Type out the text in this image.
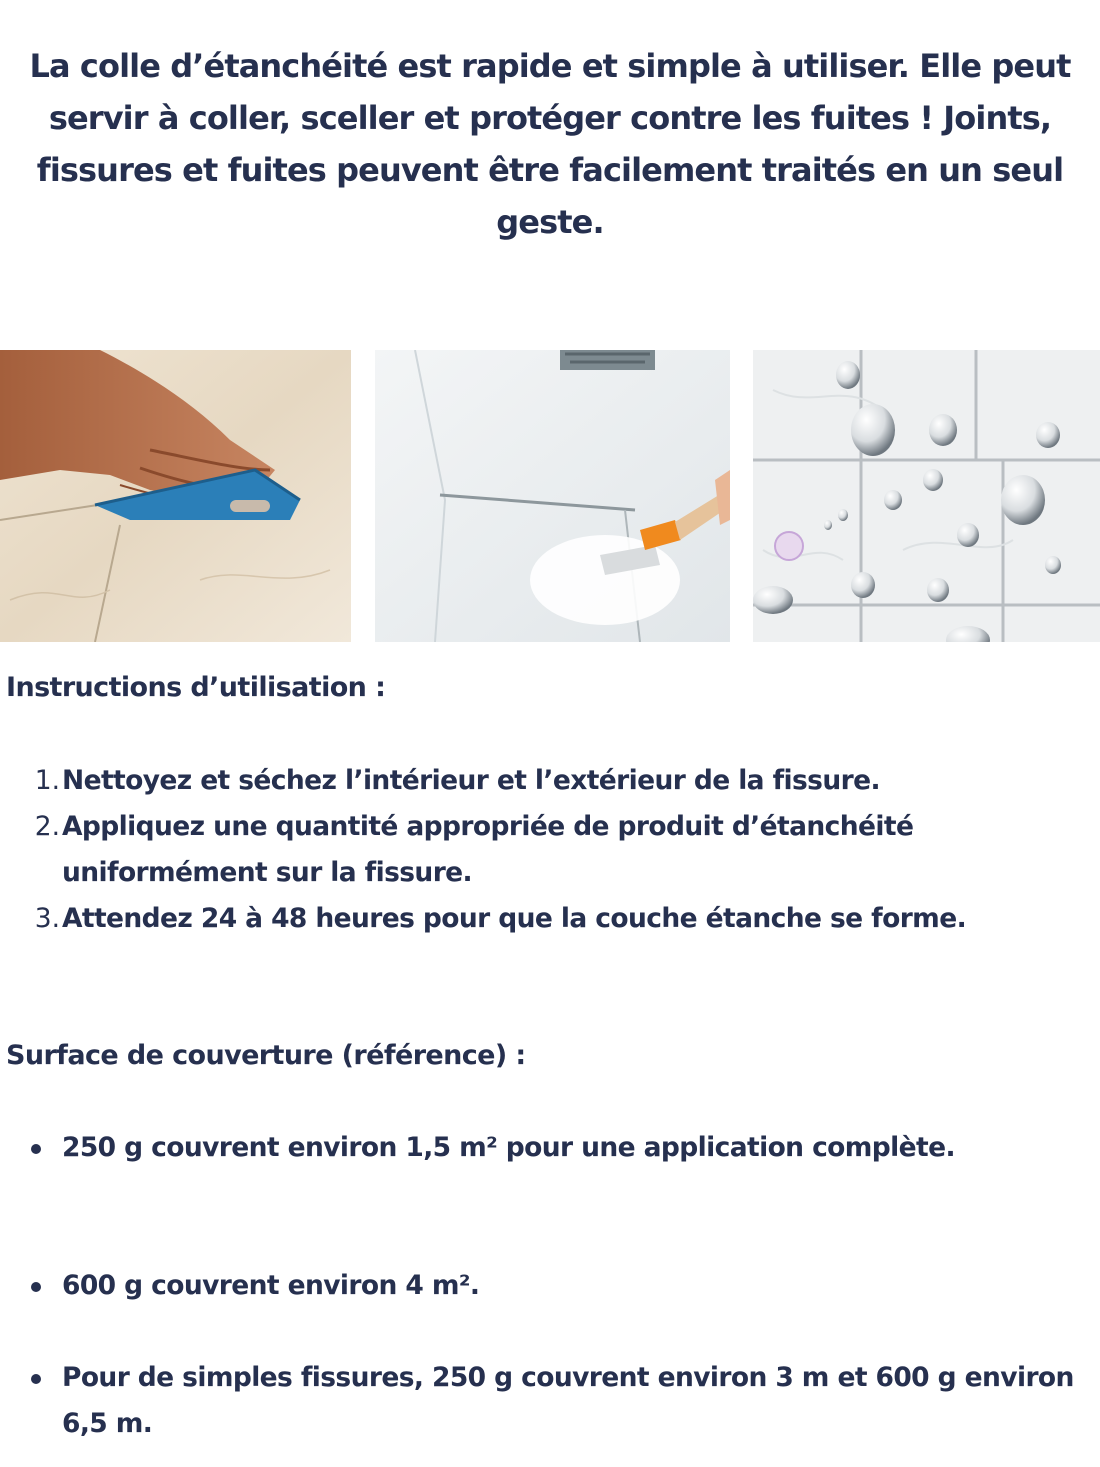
La colle d’étanchéité est rapide et simple à utiliser. Elle peut servir à coller, sceller et protéger contre les fuites ! Joints, fissures et fuites peuvent être facilement traités en un seul geste.

Instructions d’utilisation :
1. Nettoyez et séchez l’intérieur et l’extérieur de la fissure.
2. Appliquez une quantité appropriée de produit d’étanchéité uniformément sur la fissure.
3. Attendez 24 à 48 heures pour que la couche étanche se forme.
Surface de couverture (référence) :
250 g couvrent environ 1,5 m² pour une application complète.
600 g couvrent environ 4 m².
Pour de simples fissures, 250 g couvrent environ 3 m et 600 g environ 6,5 m.
